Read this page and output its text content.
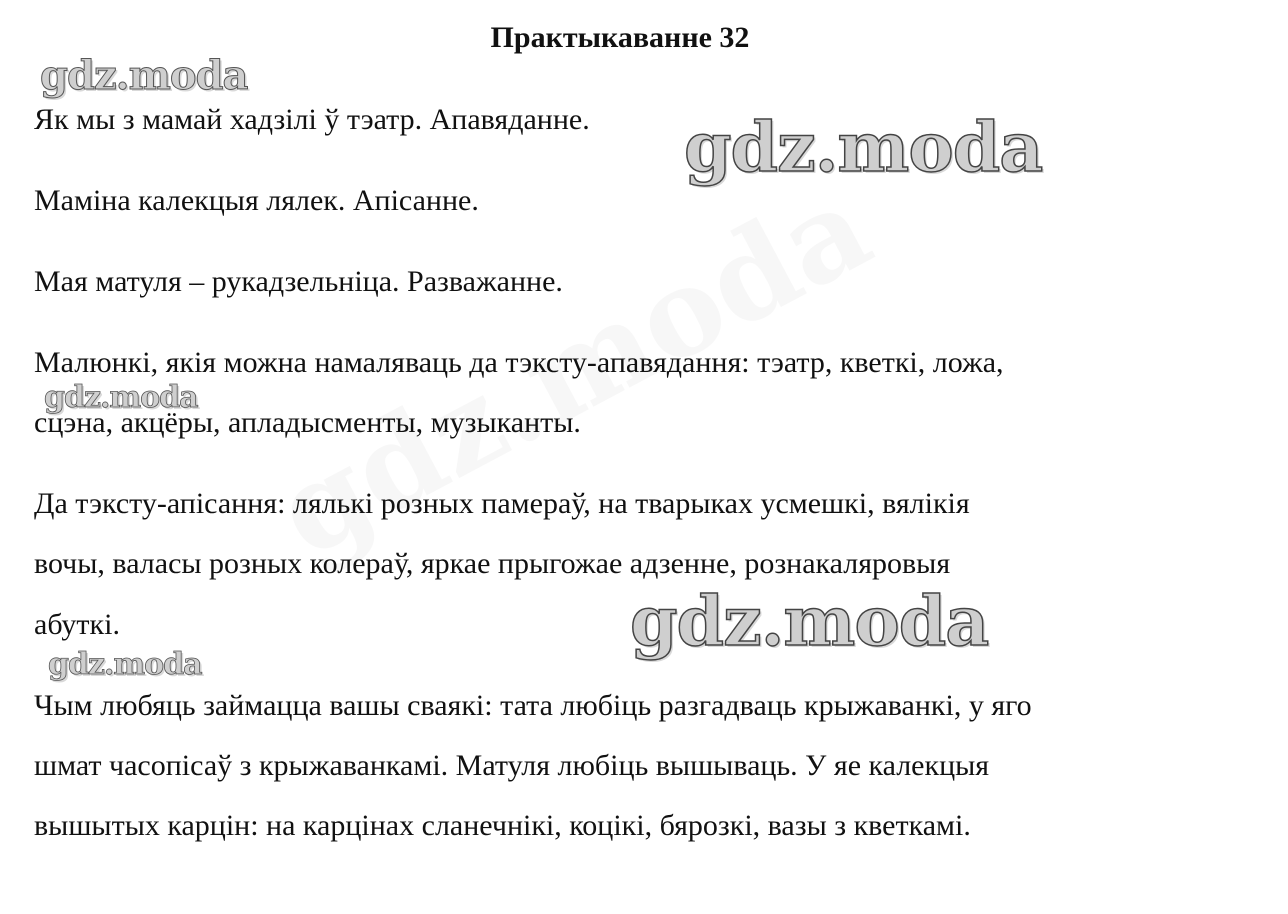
Практыкаванне 32
Як мы з мамай хадзілі ў тэатр. Апавяданне.
Маміна калекцыя лялек. Апісанне.
Мая матуля – рукадзельніца. Разважанне.
Малюнкі, якія можна намаляваць да тэксту-апавядання: тэатр, кветкі, ложа,
сцэна, акцёры, апладысменты, музыканты.
Да тэксту-апісання: лялькі розных памераў, на тварыках усмешкі, вялікія
вочы, валасы розных колераў, яркае прыгожае адзенне, рознакаляровыя
абуткі.
Чым любяць займацца вашы сваякі: тата любіць разгадваць крыжаванкі, у яго
шмат часопісаў з крыжаванкамі. Матуля любіць вышываць. У яе калекцыя
вышытых карцін: на карцінах сланечнікі, коцікі, бярозкі, вазы з кветкамі.
gdz.moda
gdz.moda
gdz.moda
gdz.moda
gdz.moda
